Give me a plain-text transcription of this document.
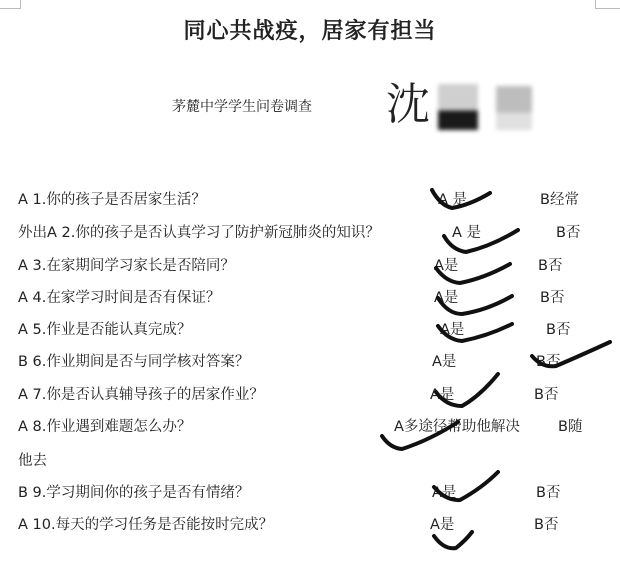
同心共战疫，居家有担当
茅麓中学学生问卷调查 沈
A 1.你的孩子是否居家生活？	A 是	B经常
外出A 2.你的孩子是否认真学习了防护新冠肺炎的知识？	A 是	B否
A 3.在家期间学习家长是否陪同？	A是	B否
A 4.在家学习时间是否有保证？	A是	B否
A 5.作业是否能认真完成？	A是	B否
B 6.作业期间是否与同学核对答案？	A是	B否
A 7.你是否认真辅导孩子的居家作业？	A是	B否
A 8.作业遇到难题怎么办？	A多途径帮助他解决	B随
他去
B 9.学习期间你的孩子是否有情绪？	A是	B否
A 10.每天的学习任务是否能按时完成？	A是	B否
